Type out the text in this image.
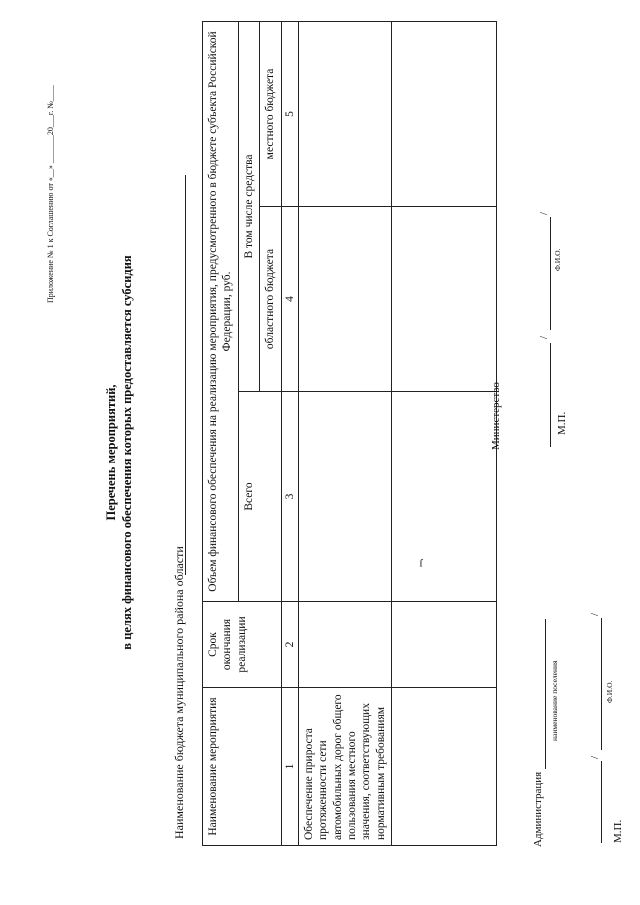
Приложение № 1 к Соглашению от «__» _______20___г. №____
Перечень мероприятий, в целях финансового обеспечения которых предоставляется субсидия
Наименование бюджета муниципального района области Наименование мероприятия	Срок окончания реализации	Объем финансового обеспечения на реализацию мероприятия, предусмотренного в бюджете субъекта Российской Федерации, руб.		
		Всего	В том числе средства	
			областного бюджета	местного бюджета
1	2	3	4	5
Обеспечение прироста протяженности сети автомобильных дорог общего пользования местного значения, соответствующих нормативным требованиям				

ſ
Администрация
наименование поселения
/
/
Ф.И.О.
М.П.
Министерство
/
/
Ф.И.О.
М.П.
